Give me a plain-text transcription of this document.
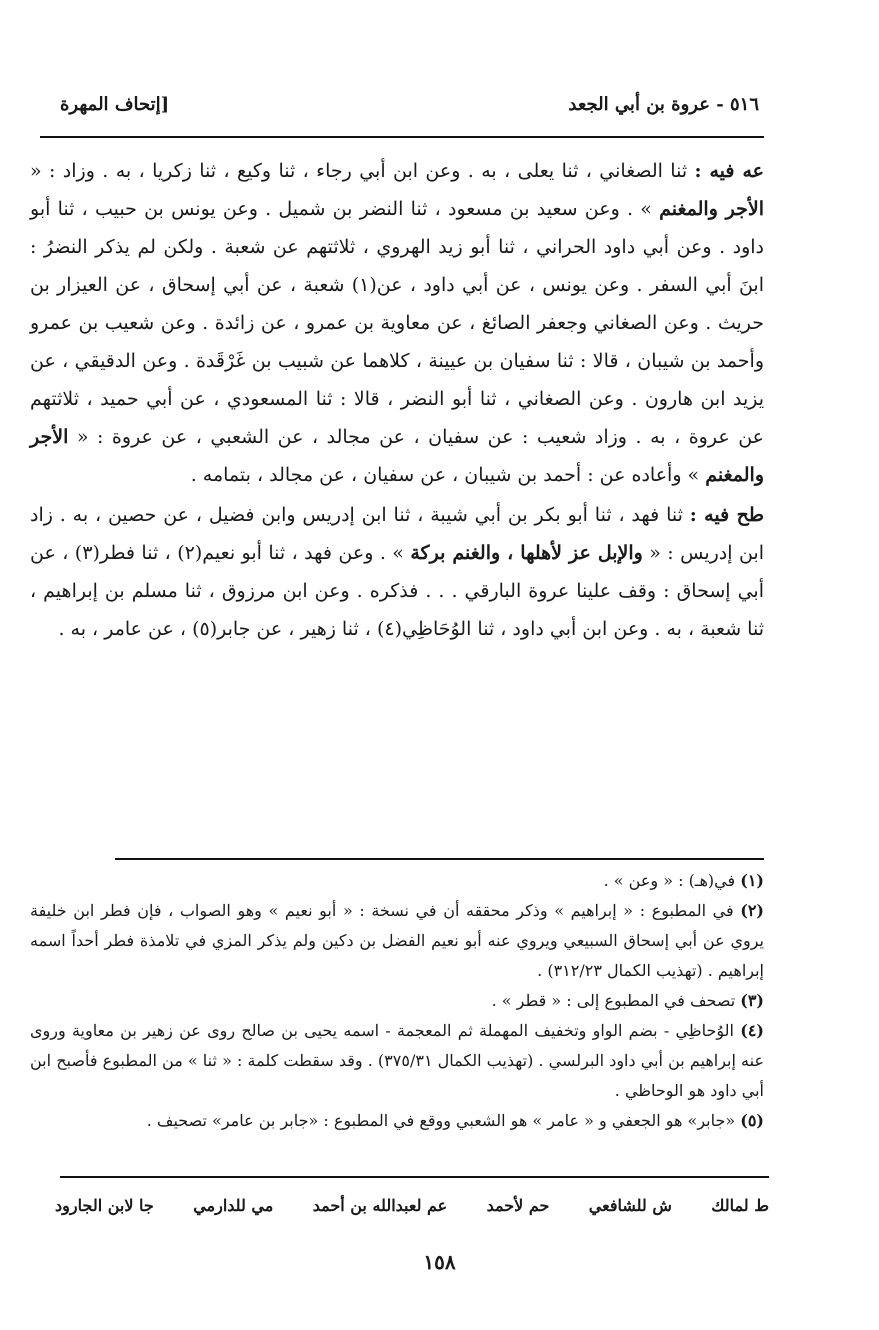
٥١٦ - عروة بن أبي الجعد
[إتحاف المهرة

عه فيه : ثنا الصغاني ، ثنا يعلى ، به . وعن ابن أبي رجاء ، ثنا وكيع ، ثنا زكريا ، به . وزاد : « الأجر والمغنم » . وعن سعيد بن مسعود ، ثنا النضر بن شميل . وعن يونس بن حبيب ، ثنا أبو داود . وعن أبي داود الحراني ، ثنا أبو زيد الهروي ، ثلاثتهم عن شعبة . ولكن لم يذكر النضرُ : ابنَ أبي السفر . وعن يونس ، عن أبي داود ، عن(١) شعبة ، عن أبي إسحاق ، عن العيزار بن حريث . وعن الصغاني وجعفر الصائغ ، عن معاوية بن عمرو ، عن زائدة . وعن شعيب بن عمرو وأحمد بن شيبان ، قالا : ثنا سفيان بن عيينة ، كلاهما عن شبيب بن غَرْقَدة . وعن الدقيقي ، عن يزيد ابن هارون . وعن الصغاني ، ثنا أبو النضر ، قالا : ثنا المسعودي ، عن أبي حميد ، ثلاثتهم عن عروة ، به . وزاد شعيب : عن سفيان ، عن مجالد ، عن الشعبي ، عن عروة : « الأجر والمغنم » وأعاده عن : أحمد بن شيبان ، عن سفيان ، عن مجالد ، بتمامه .

طح فيه : ثنا فهد ، ثنا أبو بكر بن أبي شيبة ، ثنا ابن إدريس وابن فضيل ، عن حصين ، به . زاد ابن إدريس : « والإبل عز لأهلها ، والغنم بركة » . وعن فهد ، ثنا أبو نعيم(٢) ، ثنا فطر(٣) ، عن أبي إسحاق : وقف علينا عروة البارقي . . . فذكره . وعن ابن مرزوق ، ثنا مسلم بن إبراهيم ، ثنا شعبة ، به . وعن ابن أبي داود ، ثنا الوُحَاظِي(٤) ، ثنا زهير ، عن جابر(٥) ، عن عامر ، به .

(١) في(هـ) : « وعن » .

(٢) في المطبوع : « إبراهيم » وذكر محققه أن في نسخة : « أبو نعيم » وهو الصواب ، فإن فطر ابن خليفة يروي عن أبي إسحاق السبيعي ويروي عنه أبو نعيم الفضل بن دكين ولم يذكر المزي في تلامذة فطر أحداً اسمه إبراهيم . (تهذيب الكمال ٣١٢/٢٣) .

(٣) تصحف في المطبوع إلى : « قطر » .

(٤) الوُحاظِي - بضم الواو وتخفيف المهملة ثم المعجمة - اسمه يحيى بن صالح روى عن زهير بن معاوية وروى عنه إبراهيم بن أبي داود البرلسي . (تهذيب الكمال ٣٧٥/٣١) . وقد سقطت كلمة : « ثنا » من المطبوع فأصبح ابن أبي داود هو الوحاظي .

(٥) «جابر» هو الجعفي و « عامر » هو الشعبي ووقع في المطبوع : «جابر بن عامر» تصحيف .

ط لمالك
ش للشافعي
حم لأحمد
عم لعبدالله بن أحمد
مي للدارمي
جا لابن الجارود
١٥٨
